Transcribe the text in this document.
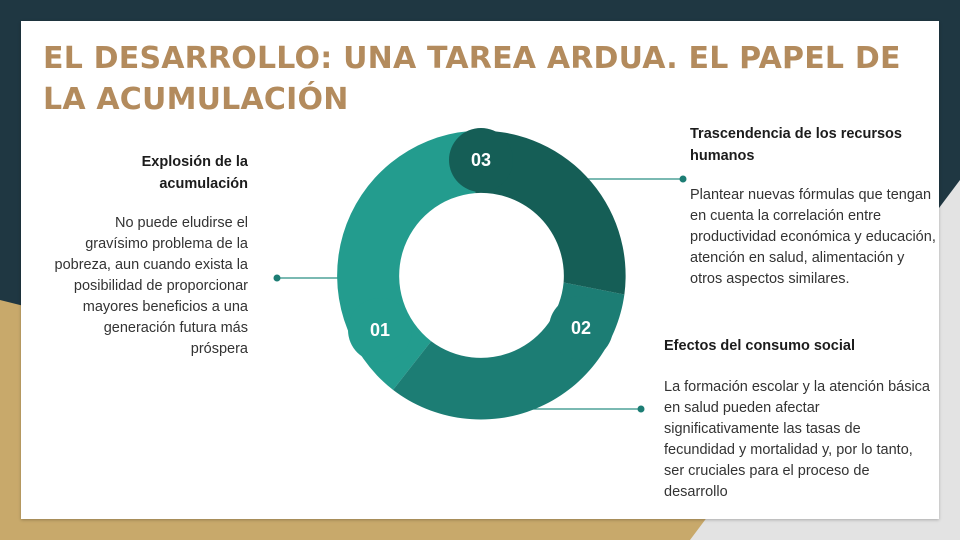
EL DESARROLLO: UNA TAREA ARDUA. EL PAPEL DE LA ACUMULACIÓN
01	02
03

Explosión de la acumulación

No puede eludirse el gravísimo problema de la pobreza, aun cuando exista la posibilidad de proporcionar mayores beneficios a una generación futura más próspera

Trascendencia de los recursos humanos

Plantear nuevas fórmulas que tengan en cuenta la correlación entre productividad económica y educación, atención en salud, alimentación y otros aspectos similares.

Efectos del consumo social

La formación escolar y la atención básica en salud pueden afectar significativamente las tasas de fecundidad y mortalidad y, por lo tanto, ser cruciales para el proceso de desarrollo
